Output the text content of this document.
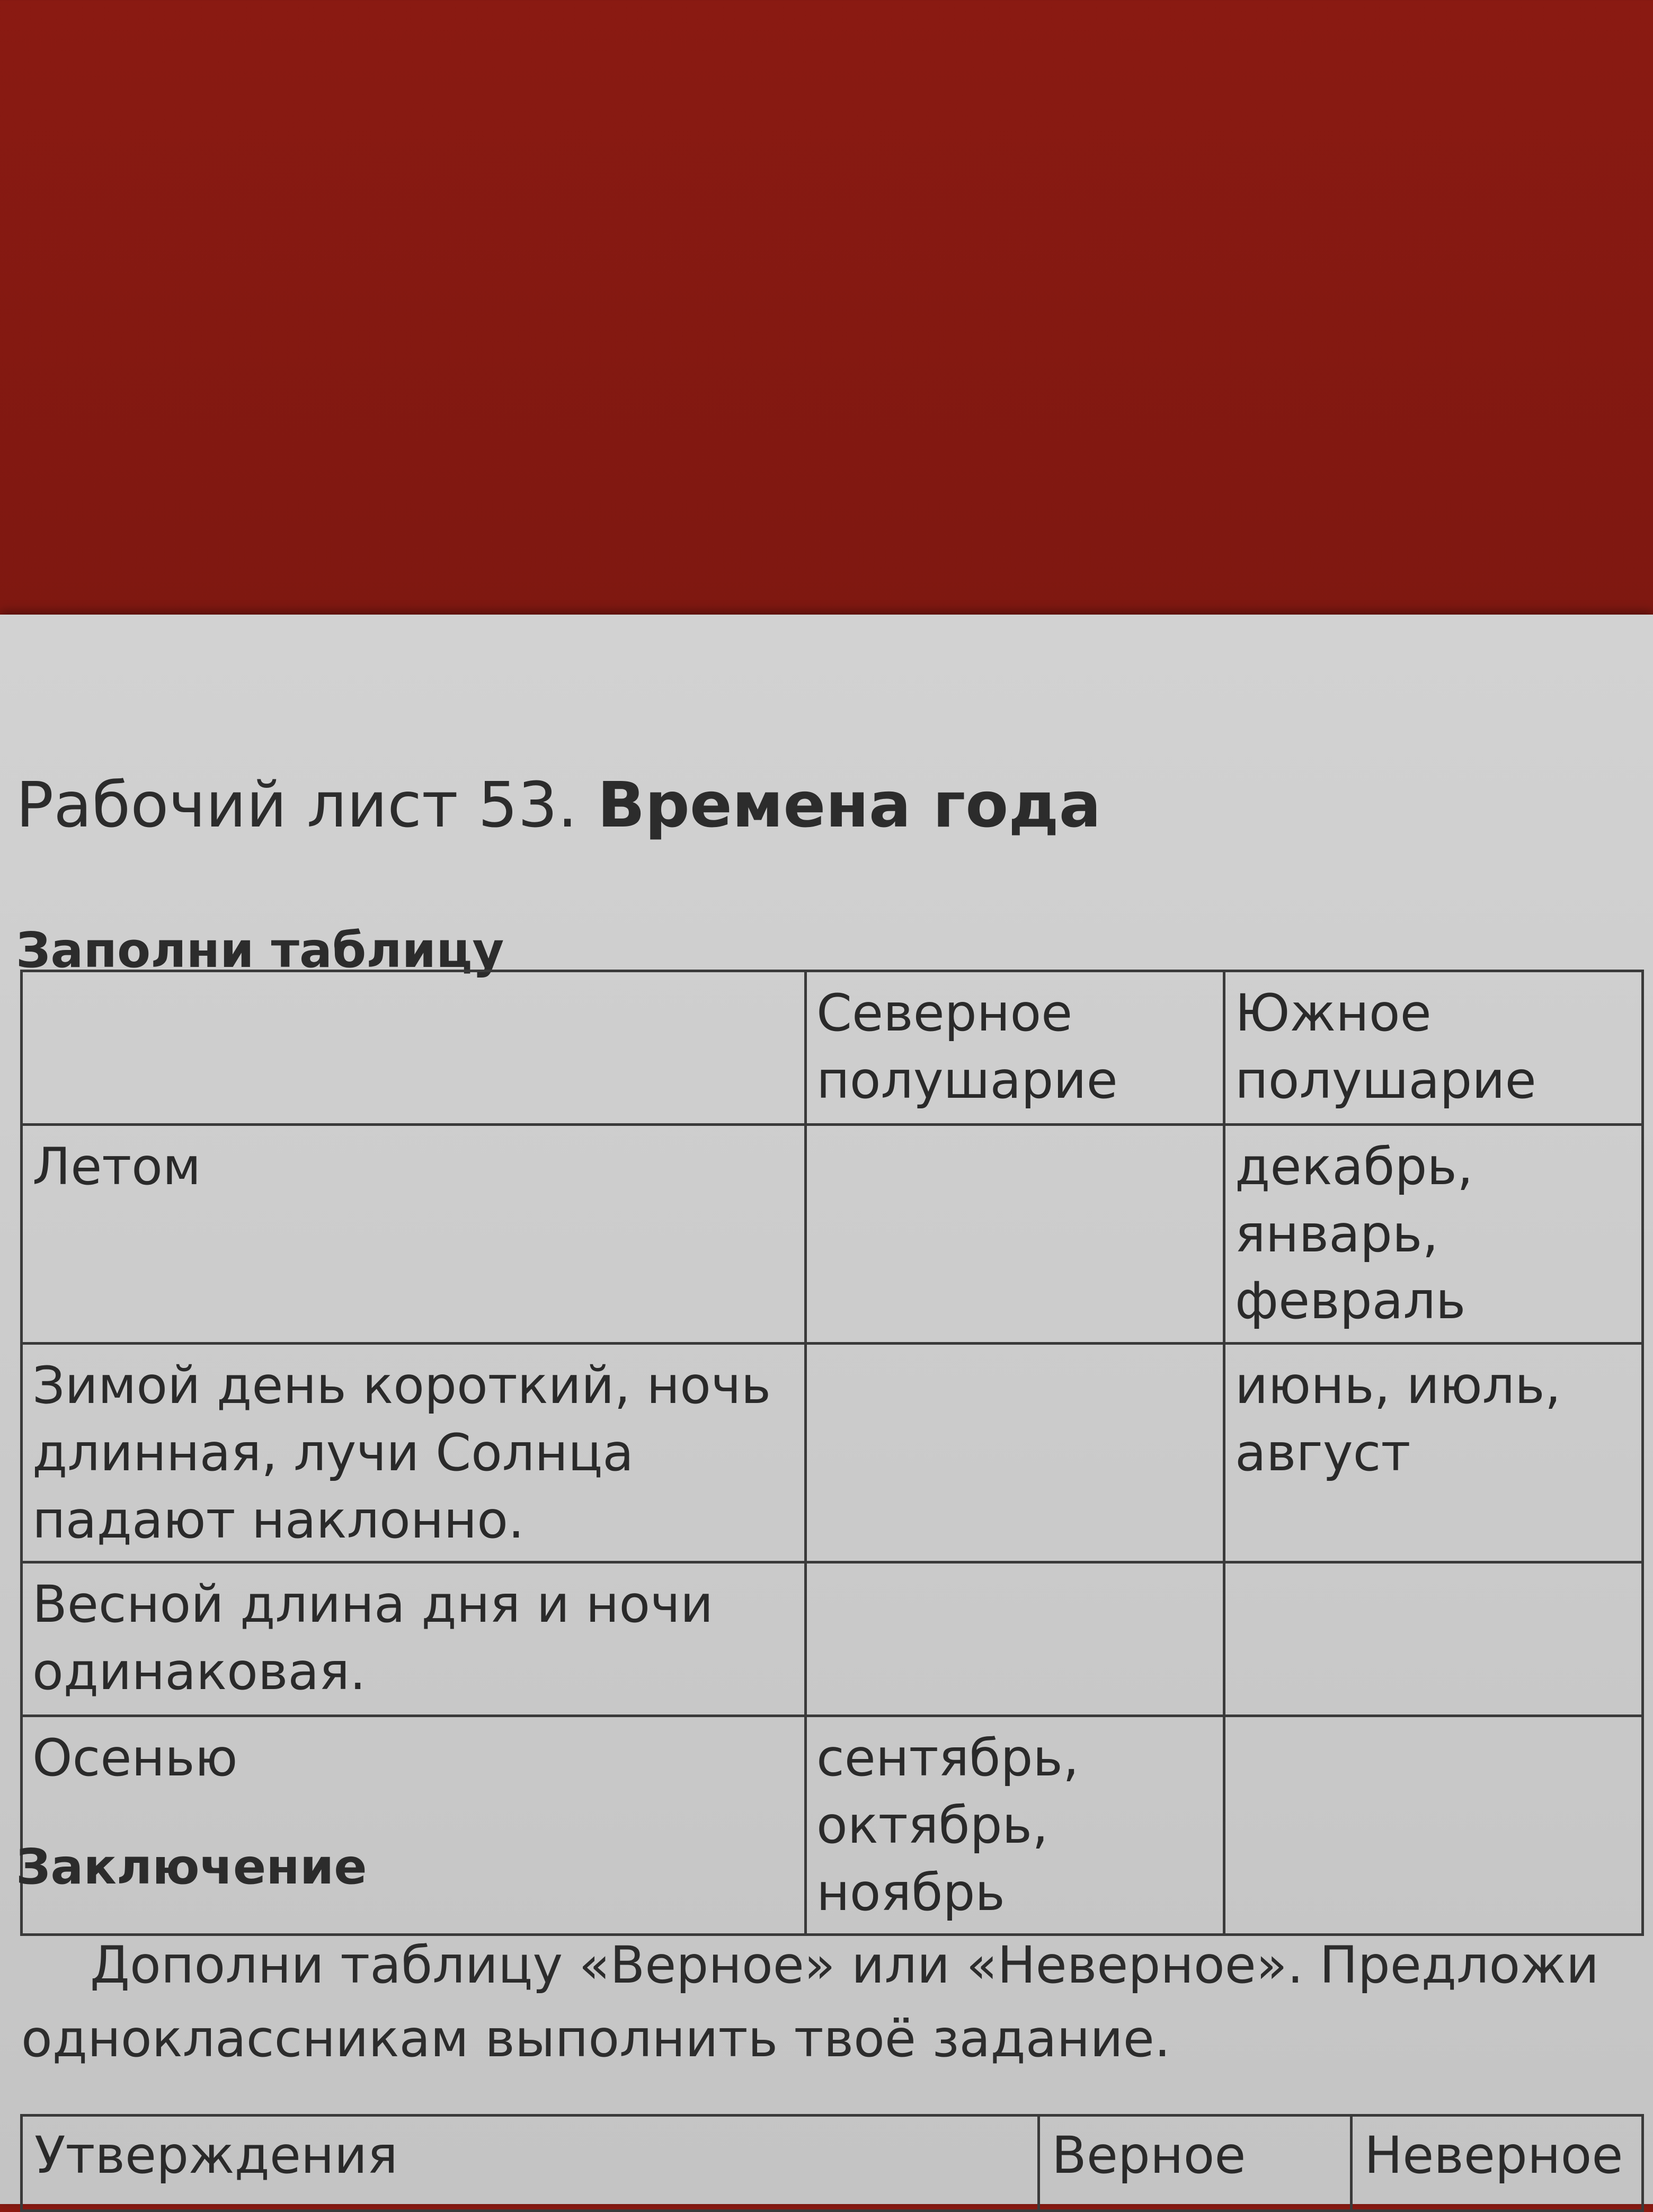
Рабочий лист 53. Времена года
Заполни таблицу
	Северное полушарие	Южное полушарие
Летом		декабрь, январь, февраль
Зимой день короткий, ночь длинная, лучи Солнца падают наклонно.		июнь, июль, август
Весной длина дня и ночи одинаковая.		
Осенью	сентябрь, октябрь, ноябрь	
Заключение
Дополни таблицу «Верное» или «Неверное». Предложи одноклассникам выполнить твоё задание.
Утверждения	Верное	Неверное
